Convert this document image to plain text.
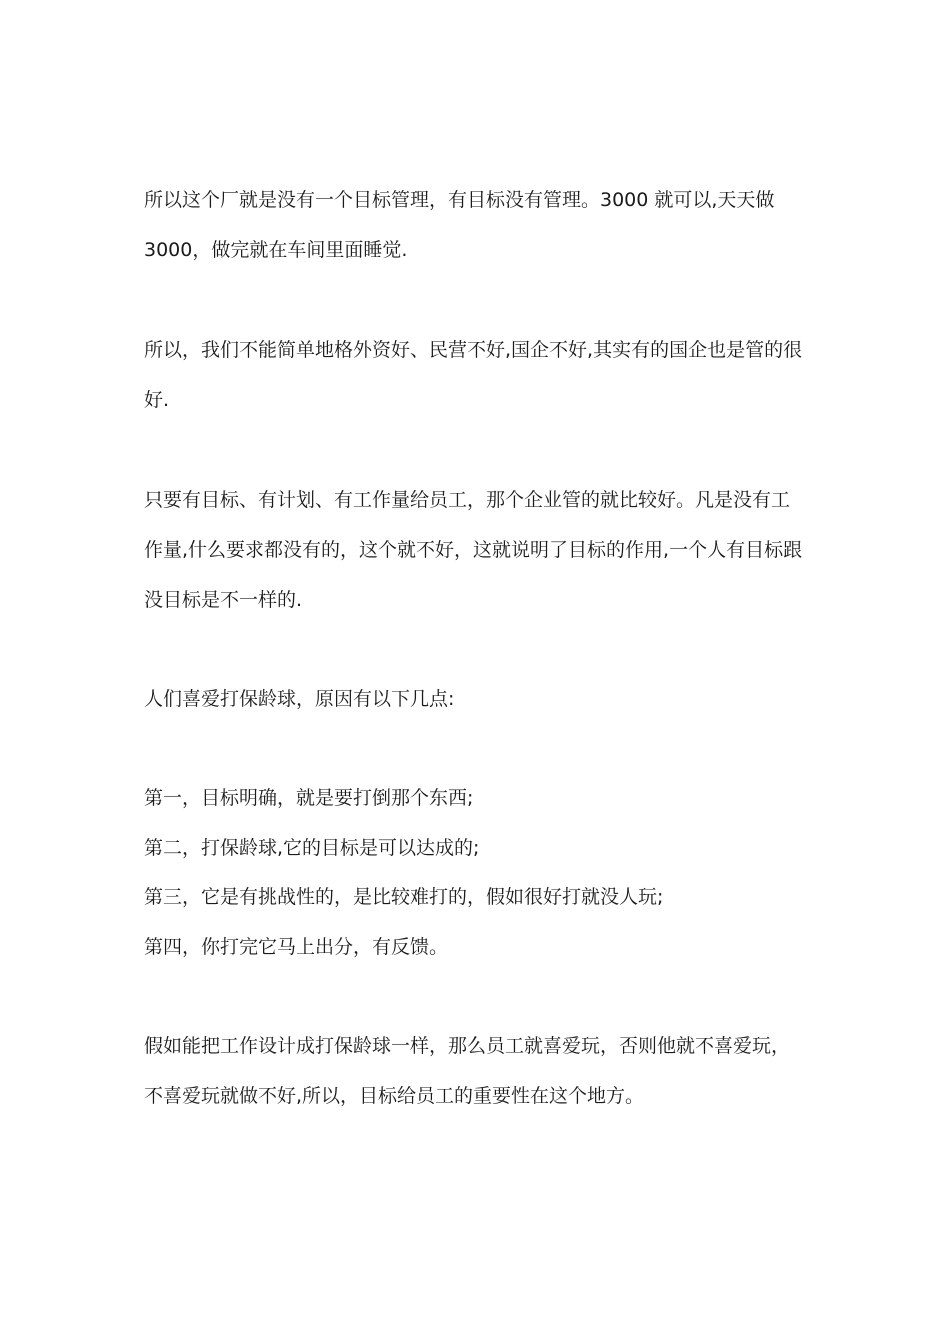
所以这个厂就是没有一个目标管理，有目标没有管理。3000 就可以,天天做
3000，做完就在车间里面睡觉.
所以，我们不能简单地格外资好、民营不好,国企不好,其实有的国企也是管的很
好.
只要有目标、有计划、有工作量给员工，那个企业管的就比较好。凡是没有工
作量,什么要求都没有的，这个就不好，这就说明了目标的作用,一个人有目标跟
没目标是不一样的.
人们喜爱打保龄球，原因有以下几点:
第一，目标明确，就是要打倒那个东西;
第二，打保龄球,它的目标是可以达成的;
第三，它是有挑战性的，是比较难打的，假如很好打就没人玩;
第四，你打完它马上出分，有反馈。
假如能把工作设计成打保龄球一样，那么员工就喜爱玩，否则他就不喜爱玩，
不喜爱玩就做不好,所以，目标给员工的重要性在这个地方。
